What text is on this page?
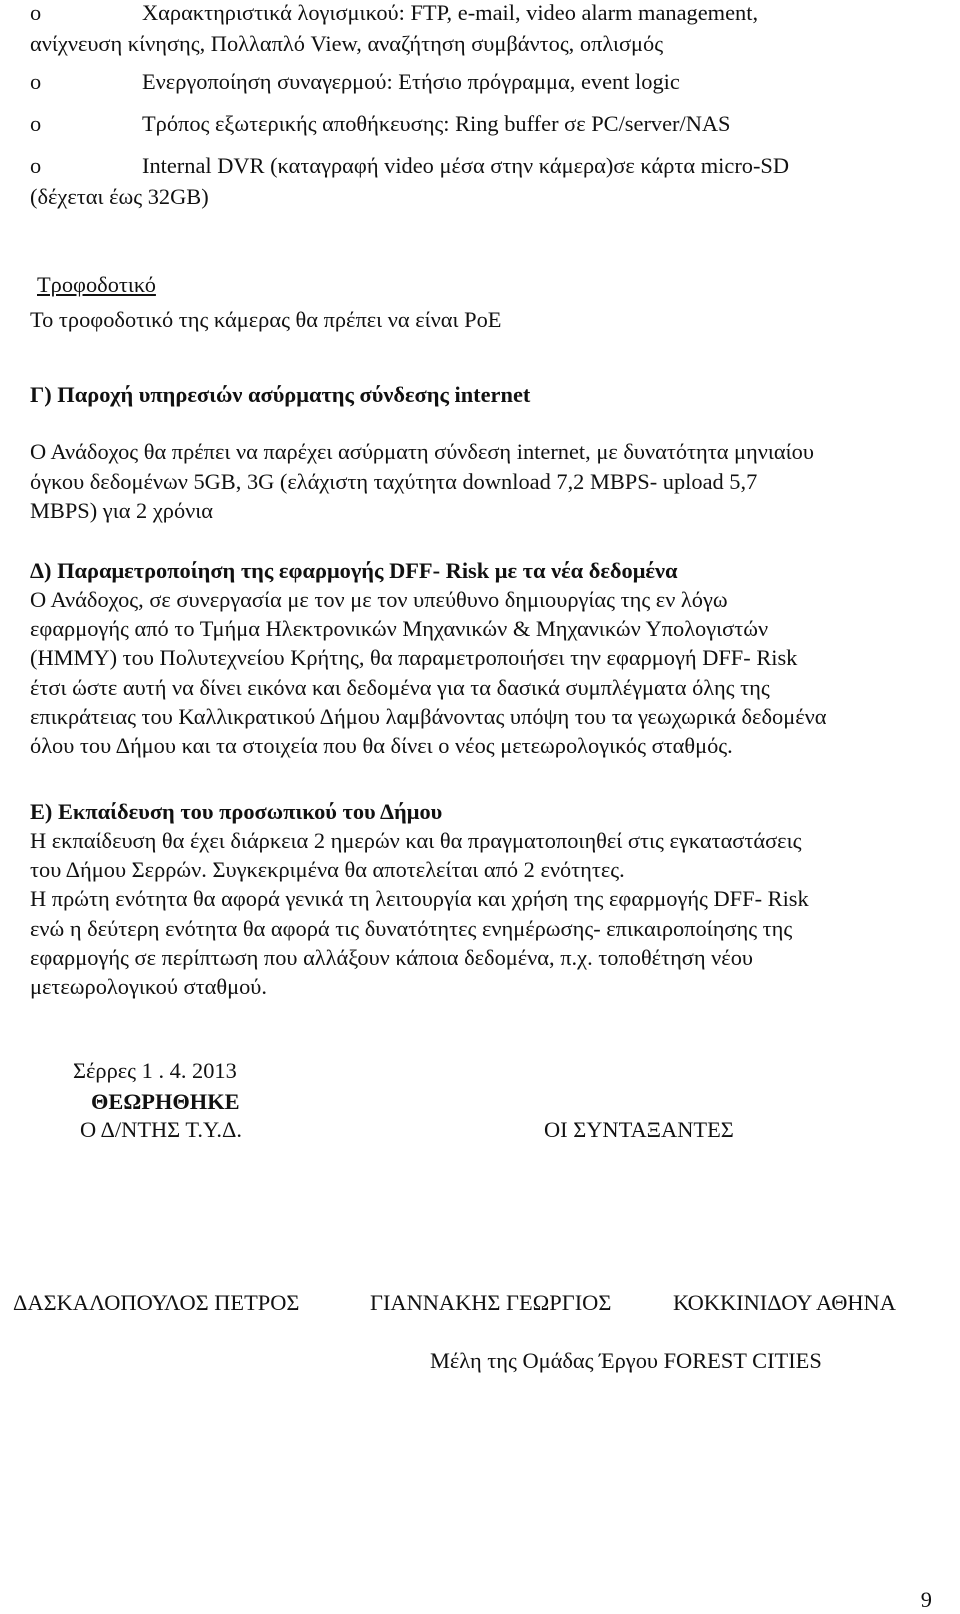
o	Χαρακτηριστικά λογισμικού: FTP, e-mail, video alarm management,
ανίχνευση κίνησης, Πολλαπλό View, αναζήτηση συμβάντος, οπλισμός
o	Ενεργοποίηση συναγερμού: Ετήσιο πρόγραμμα, event logic
o	Τρόπος εξωτερικής αποθήκευσης: Ring buffer σε PC/server/NAS
o	Internal DVR (καταγραφή video μέσα στην κάμερα)σε κάρτα micro-SD
(δέχεται έως 32GB)
Τροφοδοτικό
Το τροφοδοτικό της κάμερας θα πρέπει να είναι PoE
Γ) Παροχή υπηρεσιών ασύρματης σύνδεσης internet
Ο Ανάδοχος θα πρέπει να παρέχει ασύρματη σύνδεση internet, με δυνατότητα μηνιαίου
όγκου δεδομένων 5GB, 3G (ελάχιστη ταχύτητα download 7,2 MBPS- upload 5,7
MBPS) για 2 χρόνια
Δ) Παραμετροποίηση της εφαρμογής DFF- Risk με τα νέα δεδομένα
Ο Ανάδοχος, σε συνεργασία με τον με τον υπεύθυνο δημιουργίας της εν λόγω
εφαρμογής από το Τμήμα Ηλεκτρονικών Μηχανικών & Μηχανικών Υπολογιστών
(ΗΜΜΥ) του Πολυτεχνείου Κρήτης, θα παραμετροποιήσει την εφαρμογή DFF- Risk
έτσι ώστε αυτή να δίνει εικόνα και δεδομένα για τα δασικά συμπλέγματα όλης της
επικράτειας του Καλλικρατικού Δήμου λαμβάνοντας υπόψη του τα γεωχωρικά δεδομένα
όλου του Δήμου και τα στοιχεία που θα δίνει ο νέος μετεωρολογικός σταθμός.
Ε) Εκπαίδευση του προσωπικού του Δήμου
Η εκπαίδευση θα έχει διάρκεια 2 ημερών και θα πραγματοποιηθεί στις εγκαταστάσεις
του Δήμου Σερρών. Συγκεκριμένα θα αποτελείται από 2 ενότητες.
Η πρώτη ενότητα θα αφορά γενικά τη λειτουργία και χρήση της εφαρμογής DFF- Risk
ενώ η δεύτερη ενότητα θα αφορά τις δυνατότητες ενημέρωσης- επικαιροποίησης της
εφαρμογής σε περίπτωση που αλλάξουν κάποια δεδομένα, π.χ. τοποθέτηση νέου
μετεωρολογικού σταθμού.
Σέρρες 1 . 4. 2013
ΘΕΩΡΗΘΗΚΕ
Ο Δ/ΝΤΗΣ Τ.Υ.Δ.	ΟΙ ΣΥΝΤΑΞΑΝΤΕΣ
ΔΑΣΚΑΛΟΠΟΥΛΟΣ ΠΕΤΡΟΣ	ΓΙΑΝΝΑΚΗΣ ΓΕΩΡΓΙΟΣ	ΚΟΚΚΙΝΙΔΟΥ ΑΘΗΝΑ
Μέλη της Ομάδας Έργου FOREST CITIES
9
